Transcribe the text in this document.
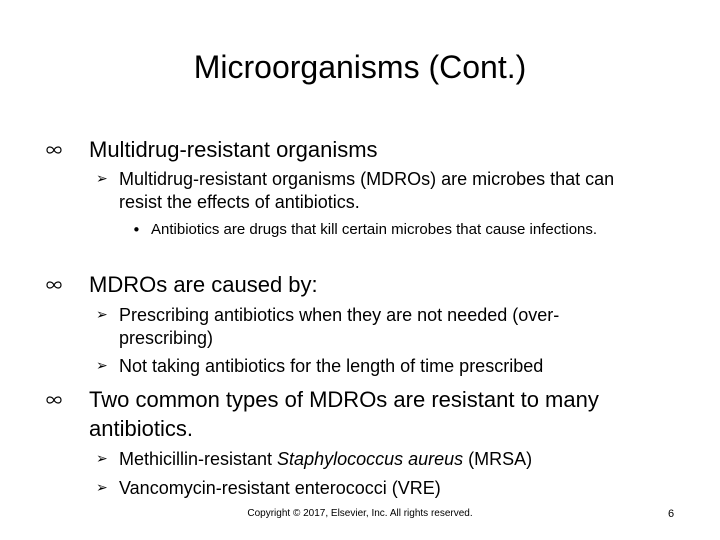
Microorganisms (Cont.)
Multidrug-resistant organisms
➢ Multidrug-resistant organisms (MDROs) are microbes that can resist the effects of antibiotics.
• Antibiotics are drugs that kill certain microbes that cause infections.
MDROs are caused by:
➢ Prescribing antibiotics when they are not needed (over-prescribing)
➢ Not taking antibiotics for the length of time prescribed
Two common types of MDROs are resistant to many antibiotics.
➢ Methicillin-resistant Staphylococcus aureus (MRSA)
➢ Vancomycin-resistant enterococci (VRE)
Copyright © 2017, Elsevier, Inc. All rights reserved.	6
